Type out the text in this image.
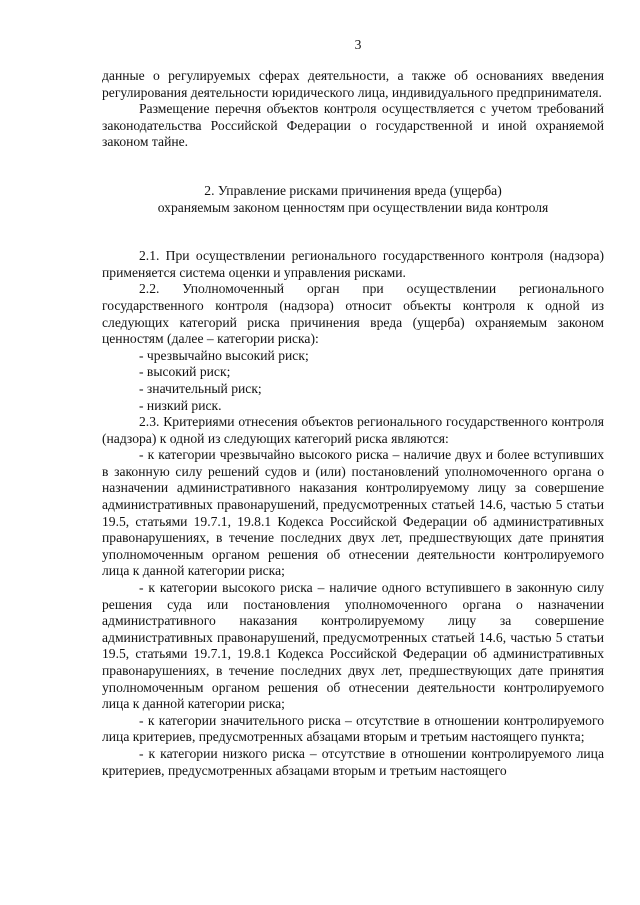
3

данные о регулируемых сферах деятельности, а также об основаниях введения регулирования деятельности юридического лица, индивидуального предпринимателя.

Размещение перечня объектов контроля осуществляется с учетом требований законодательства Российской Федерации о государственной и иной охраняемой законом тайне.

2. Управление рисками причинения вреда (ущерба)

охраняемым законом ценностям при осуществлении вида контроля

2.1. При осуществлении регионального государственного контроля (надзора) применяется система оценки и управления рисками.

2.2. Уполномоченный орган при осуществлении регионального государственного контроля (надзора) относит объекты контроля к одной из следующих категорий риска причинения вреда (ущерба) охраняемым законом ценностям (далее – категории риска):

- чрезвычайно высокий риск;

- высокий риск;

- значительный риск;

- низкий риск.

2.3. Критериями отнесения объектов регионального государственного контроля (надзора) к одной из следующих категорий риска являются:

- к категории чрезвычайно высокого риска – наличие двух и более вступивших в законную силу решений судов и (или) постановлений уполномоченного органа о назначении административного наказания контролируемому лицу за совершение административных правонарушений, предусмотренных статьей 14.6, частью 5 статьи 19.5, статьями 19.7.1, 19.8.1 Кодекса Российской Федерации об административных правонарушениях, в течение последних двух лет, предшествующих дате принятия уполномоченным органом решения об отнесении деятельности контролируемого лица к данной категории риска;

- к категории высокого риска – наличие одного вступившего в законную силу решения суда или постановления уполномоченного органа о назначении административного наказания контролируемому лицу за совершение административных правонарушений, предусмотренных статьей 14.6, частью 5 статьи 19.5, статьями 19.7.1, 19.8.1 Кодекса Российской Федерации об административных правонарушениях, в течение последних двух лет, предшествующих дате принятия уполномоченным органом решения об отнесении деятельности контролируемого лица к данной категории риска;

- к категории значительного риска – отсутствие в отношении контролируемого лица критериев, предусмотренных абзацами вторым и третьим настоящего пункта;

- к категории низкого риска – отсутствие в отношении контролируемого лица критериев, предусмотренных абзацами вторым и третьим настоящего
